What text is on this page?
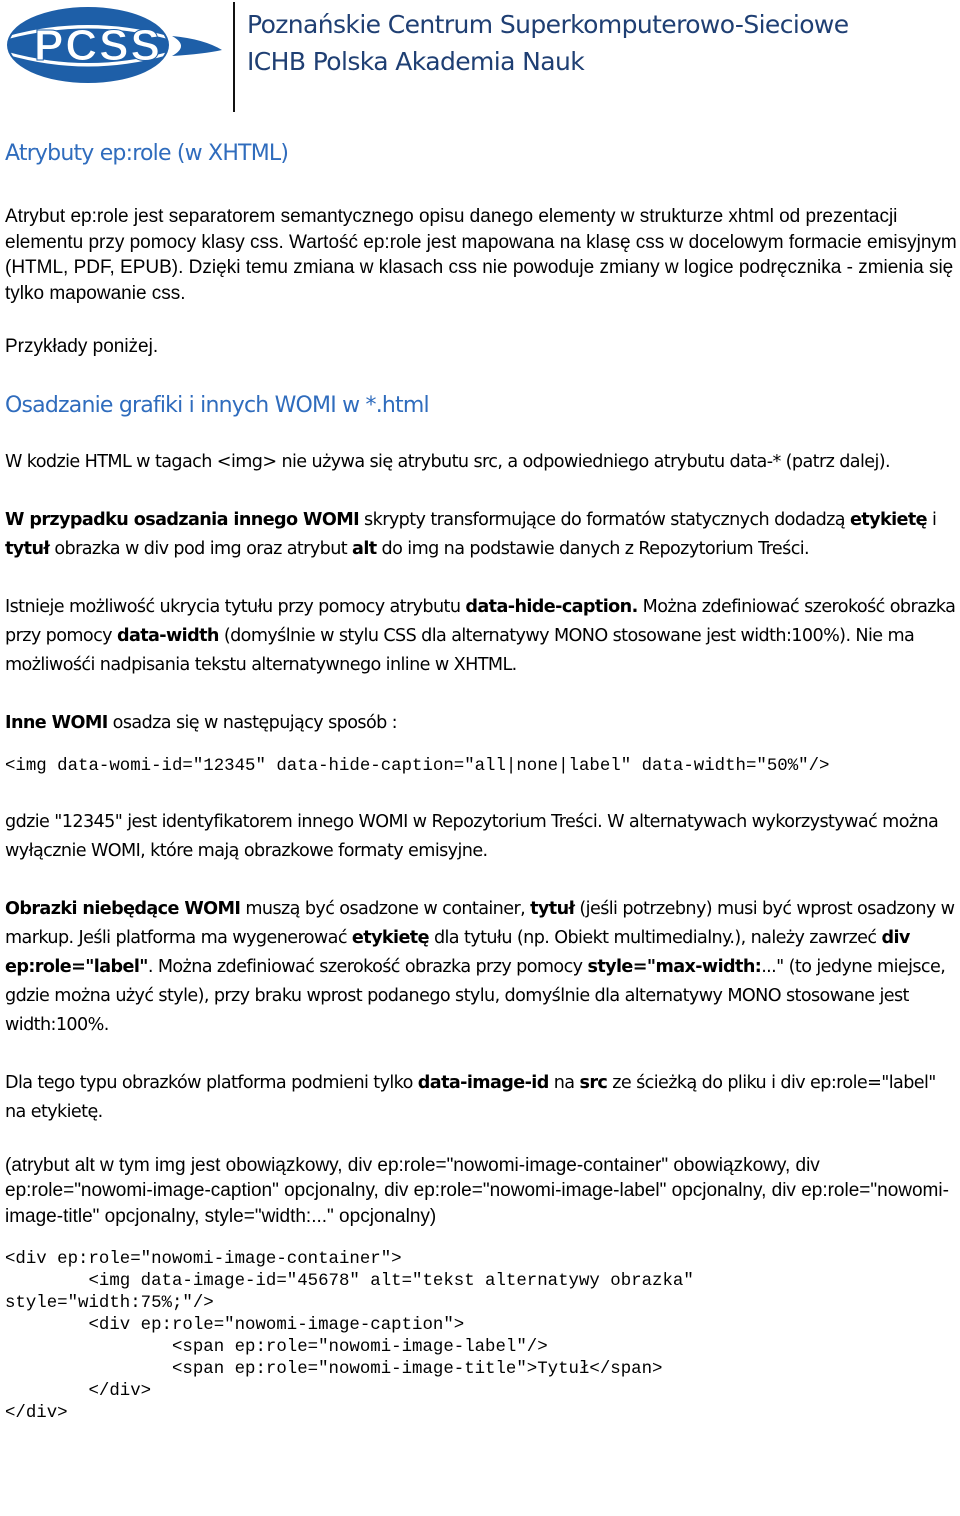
PCSS	Poznańskie Centrum Superkomputerowo-Sieciowe
ICHB Polska Akademia Nauk
Atrybuty ep:role (w XHTML)

Atrybut ep:role jest separatorem semantycznego opisu danego elementy w strukturze xhtml od prezentacji elementu przy pomocy klasy css. Wartość ep:role jest mapowana na klasę css w docelowym formacie emisyjnym (HTML, PDF, EPUB). Dzięki temu zmiana w klasach css nie powoduje zmiany w logice podręcznika - zmienia się tylko mapowanie css.

Przykłady poniżej.

Osadzanie grafiki i innych WOMI w *.html

W kodzie HTML w tagach <img> nie używa się atrybutu src, a odpowiedniego atrybutu data-* (patrz dalej).

W przypadku osadzania innego WOMI skrypty transformujące do formatów statycznych dodadzą etykietę i tytuł obrazka w div pod img oraz atrybut alt do img na podstawie danych z Repozytorium Treści.

Istnieje możliwość ukrycia tytułu przy pomocy atrybutu data-hide-caption. Można zdefiniować szerokość obrazka przy pomocy data-width (domyślnie w stylu CSS dla alternatywy MONO stosowane jest width:100%). Nie ma możliwośći nadpisania tekstu alternatywnego inline w XHTML.

Inne WOMI osadza się w następujący sposób :

<img data-womi-id="12345" data-hide-caption="all|none|label" data-width="50%"/>

gdzie "12345" jest identyfikatorem innego WOMI w Repozytorium Treści. W alternatywach wykorzystywać można wyłącznie WOMI, które mają obrazkowe formaty emisyjne.

Obrazki niebędące WOMI muszą być osadzone w container, tytuł (jeśli potrzebny) musi być wprost osadzony w markup. Jeśli platforma ma wygenerować etykietę dla tytułu (np. Obiekt multimedialny.), należy zawrzeć div ep:role="label". Można zdefiniować szerokość obrazka przy pomocy style="max-width:..." (to jedyne miejsce, gdzie można użyć style), przy braku wprost podanego stylu, domyślnie dla alternatywy MONO stosowane jest width:100%.

Dla tego typu obrazków platforma podmieni tylko data-image-id na src ze ścieżką do pliku i div ep:role="label" na etykietę.

(atrybut alt w tym img jest obowiązkowy, div ep:role="nowomi-image-container" obowiązkowy, div ep:role="nowomi-image-caption" opcjonalny, div ep:role="nowomi-image-label" opcjonalny, div ep:role="nowomi-image-title" opcjonalny, style="width:..." opcjonalny)

<div ep:role="nowomi-image-container">
<img data-image-id="45678" alt="tekst alternatywy obrazka"
style="width:75%;"/>
<div ep:role="nowomi-image-caption">
<span ep:role="nowomi-image-label"/>
<span ep:role="nowomi-image-title">Tytuł</span>
</div>
</div>
